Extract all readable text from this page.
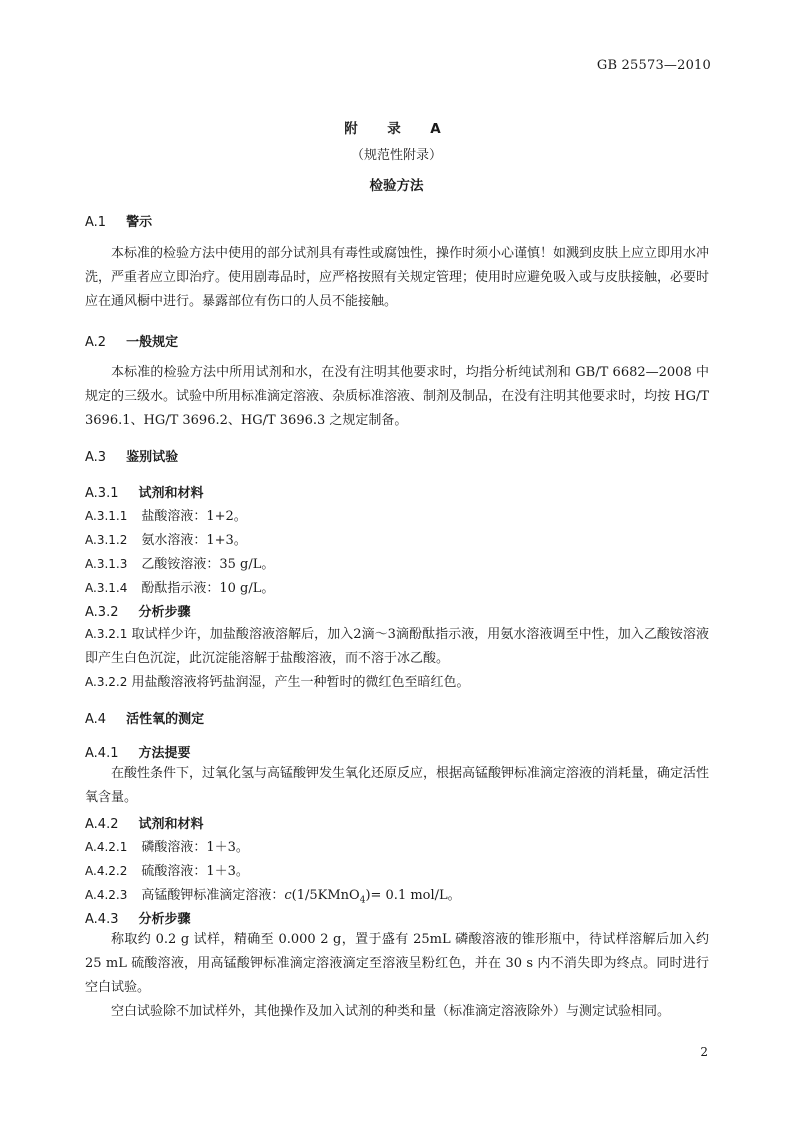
GB 25573—2010
附　录　A
（规范性附录）
检验方法
A.1 警示
本标准的检验方法中使用的部分试剂具有毒性或腐蚀性，操作时须小心谨慎！如溅到皮肤上应立即用水冲洗，严重者应立即治疗。使用剧毒品时，应严格按照有关规定管理；使用时应避免吸入或与皮肤接触，必要时应在通风橱中进行。暴露部位有伤口的人员不能接触。
A.2 一般规定
本标准的检验方法中所用试剂和水，在没有注明其他要求时，均指分析纯试剂和 GB/T 6682—2008 中规定的三级水。试验中所用标准滴定溶液、杂质标准溶液、制剂及制品，在没有注明其他要求时，均按 HG/T 3696.1、HG/T 3696.2、HG/T 3696.3 之规定制备。
A.3 鉴别试验
A.3.1 试剂和材料
A.3.1.1 盐酸溶液：1+2。
A.3.1.2 氨水溶液：1+3。
A.3.1.3 乙酸铵溶液：35 g/L。
A.3.1.4 酚酞指示液：10 g/L。
A.3.2 分析步骤
A.3.2.1 取试样少许，加盐酸溶液溶解后，加入2滴～3滴酚酞指示液，用氨水溶液调至中性，加入乙酸铵溶液即产生白色沉淀，此沉淀能溶解于盐酸溶液，而不溶于冰乙酸。
A.3.2.2 用盐酸溶液将钙盐润湿，产生一种暂时的微红色至暗红色。
A.4 活性氧的测定
A.4.1 方法提要
在酸性条件下，过氧化氢与高锰酸钾发生氧化还原反应，根据高锰酸钾标准滴定溶液的消耗量，确定活性氧含量。
A.4.2 试剂和材料
A.4.2.1 磷酸溶液：1＋3。
A.4.2.2 硫酸溶液：1＋3。
A.4.2.3 高锰酸钾标准滴定溶液：c(1/5KMnO$_4$)= 0.1 mol/L。
A.4.3 分析步骤
称取约 0.2 g 试样，精确至 0.000 2 g，置于盛有 25mL 磷酸溶液的锥形瓶中，待试样溶解后加入约 25 mL 硫酸溶液，用高锰酸钾标准滴定溶液滴定至溶液呈粉红色，并在 30 s 内不消失即为终点。同时进行空白试验。
空白试验除不加试样外，其他操作及加入试剂的种类和量（标准滴定溶液除外）与测定试验相同。
2
